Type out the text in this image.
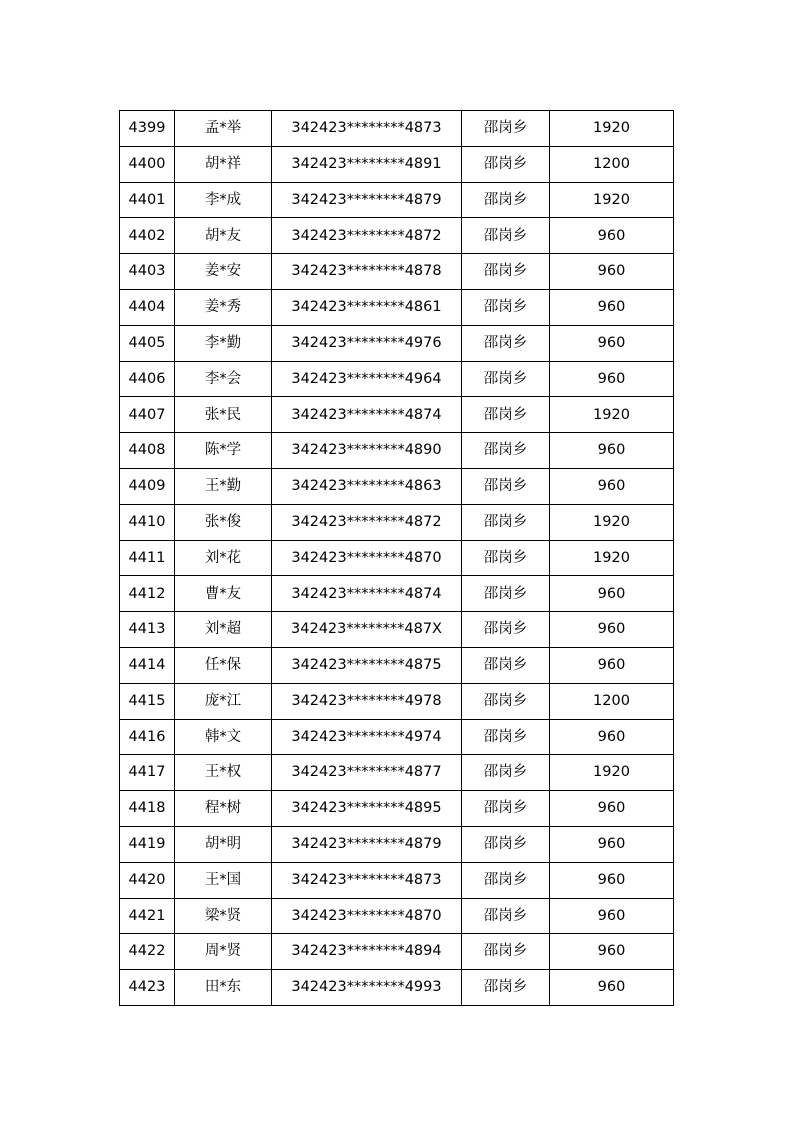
4399	孟*举	342423********4873	邵岗乡	1920
4400	胡*祥	342423********4891	邵岗乡	1200
4401	李*成	342423********4879	邵岗乡	1920
4402	胡*友	342423********4872	邵岗乡	960
4403	姜*安	342423********4878	邵岗乡	960
4404	姜*秀	342423********4861	邵岗乡	960
4405	李*勤	342423********4976	邵岗乡	960
4406	李*会	342423********4964	邵岗乡	960
4407	张*民	342423********4874	邵岗乡	1920
4408	陈*学	342423********4890	邵岗乡	960
4409	王*勤	342423********4863	邵岗乡	960
4410	张*俊	342423********4872	邵岗乡	1920
4411	刘*花	342423********4870	邵岗乡	1920
4412	曹*友	342423********4874	邵岗乡	960
4413	刘*超	342423********487X	邵岗乡	960
4414	任*保	342423********4875	邵岗乡	960
4415	庞*江	342423********4978	邵岗乡	1200
4416	韩*文	342423********4974	邵岗乡	960
4417	王*权	342423********4877	邵岗乡	1920
4418	程*树	342423********4895	邵岗乡	960
4419	胡*明	342423********4879	邵岗乡	960
4420	王*国	342423********4873	邵岗乡	960
4421	梁*贤	342423********4870	邵岗乡	960
4422	周*贤	342423********4894	邵岗乡	960
4423	田*东	342423********4993	邵岗乡	960
